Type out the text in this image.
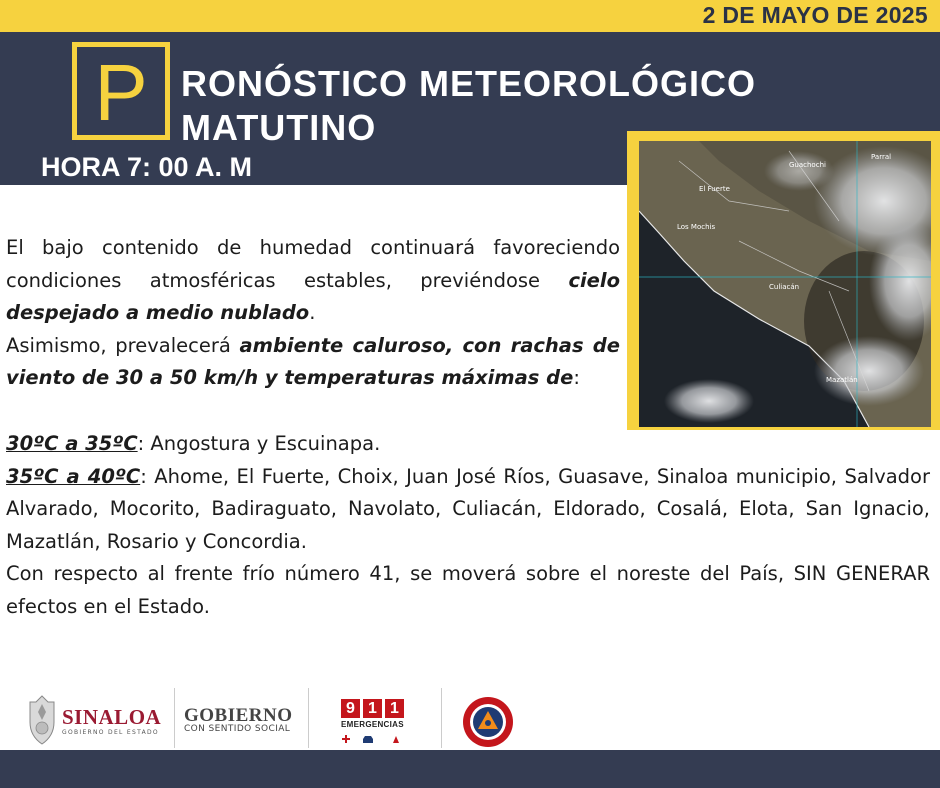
2 DE MAYO DE 2025
P RONÓSTICO METEOROLÓGICO
MATUTINO
HORA 7: 00 A. M	Guachochi
Parral
El Fuerte
Los Mochis
Culiacán
Mazatlán

El bajo contenido de humedad continuará favoreciendo condiciones atmosféricas estables, previéndose cielo despejado a medio nublado.

Asimismo, prevalecerá ambiente caluroso, con rachas de viento de 30 a 50 km/h y temperaturas máximas de:

30ºC a 35ºC: Angostura y Escuinapa.

35ºC a 40ºC: Ahome, El Fuerte, Choix, Juan José Ríos, Guasave, Sinaloa municipio, Salvador Alvarado, Mocorito, Badiraguato, Navolato, Culiacán, Eldorado, Cosalá, Elota, San Ignacio, Mazatlán, Rosario y Concordia.

Con respecto al frente frío número 41, se moverá sobre el noreste del País, SIN GENERAR efectos en el Estado.

SINALOA
GOBIERNO DEL ESTADO
GOBIERNO
CON SENTIDO SOCIAL
9 1 1
EMERGENCIAS
